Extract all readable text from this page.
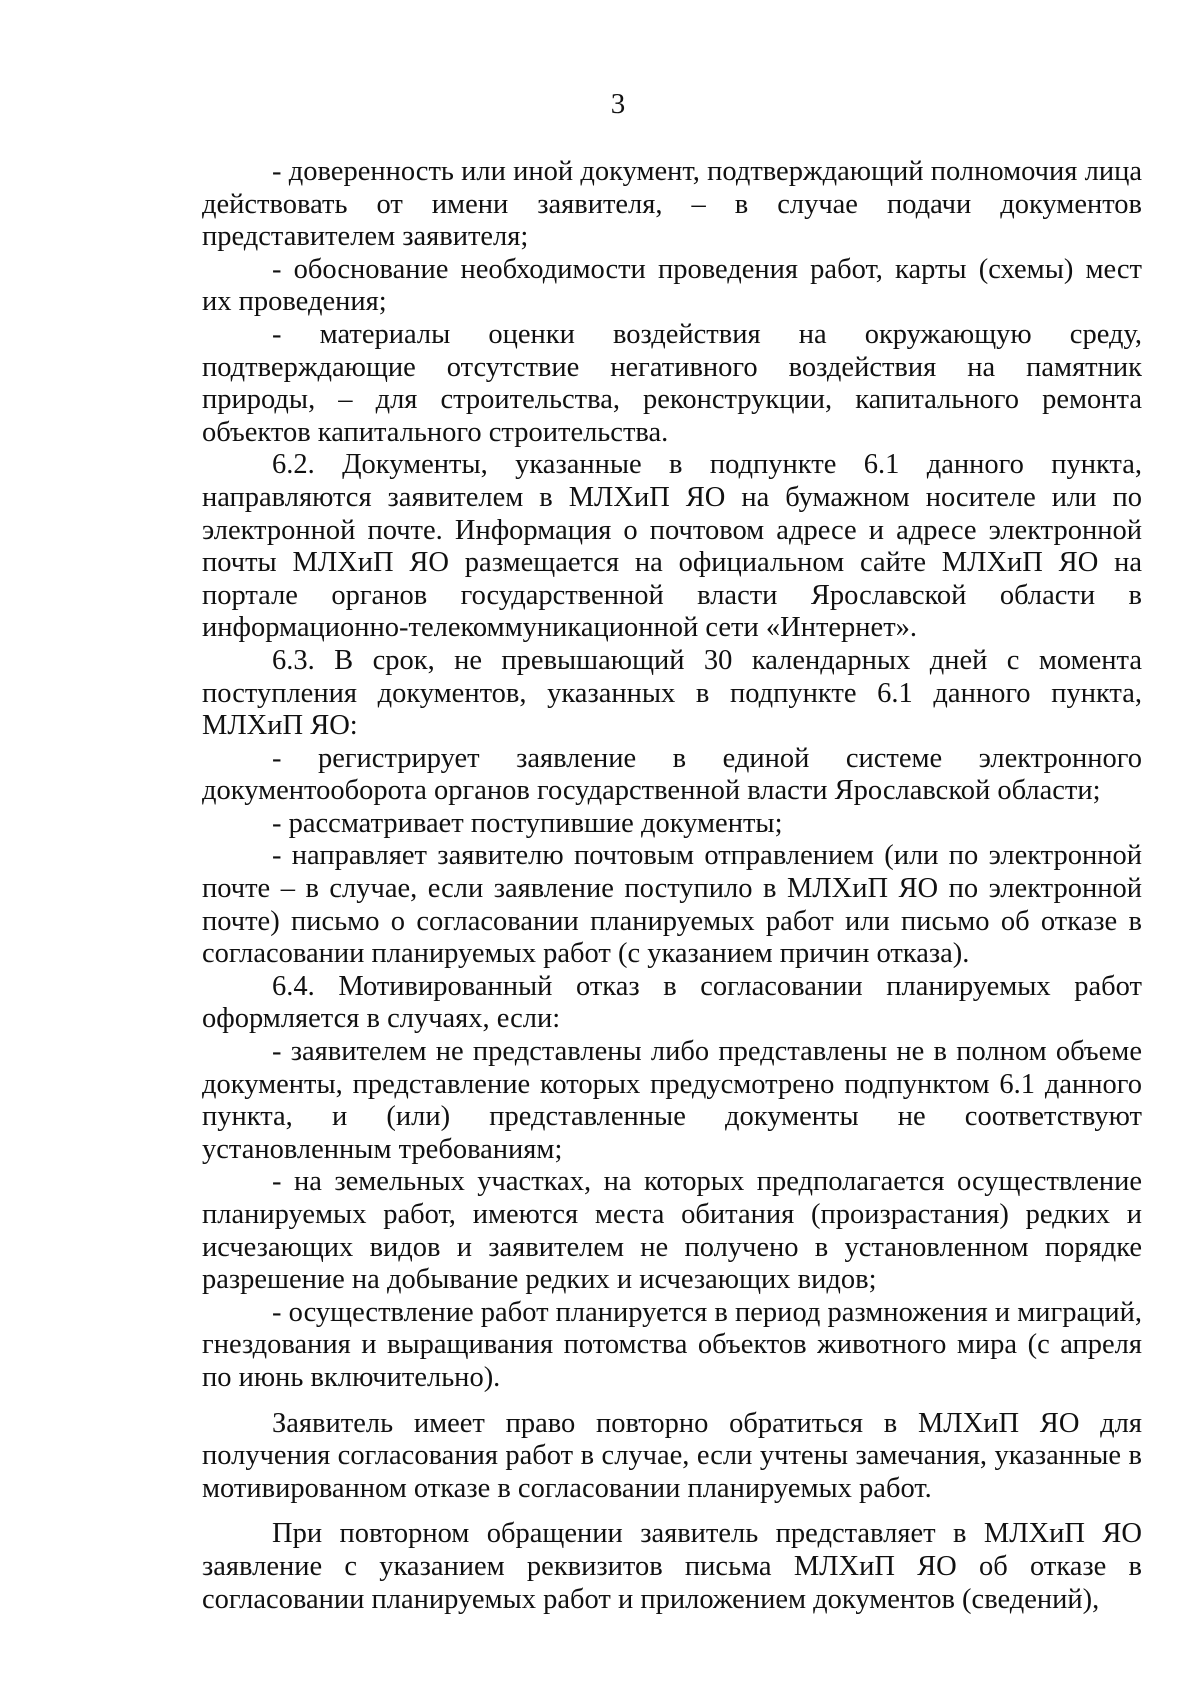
3

- доверенность или иной документ, подтверждающий полномочия лица действовать от имени заявителя, – в случае подачи документов представителем заявителя;

- обоснование необходимости проведения работ, карты (схемы) мест их проведения;

- материалы оценки воздействия на окружающую среду, подтверждающие отсутствие негативного воздействия на памятник природы, – для строительства, реконструкции, капитального ремонта объектов капитального строительства.

6.2. Документы, указанные в подпункте 6.1 данного пункта, направляются заявителем в МЛХиП ЯО на бумажном носителе или по электронной почте. Информация о почтовом адресе и адресе электронной почты МЛХиП ЯО размещается на официальном сайте МЛХиП ЯО на портале органов государственной власти Ярославской области в информационно-телекоммуникационной сети «Интернет».

6.3. В срок, не превышающий 30 календарных дней с момента поступления документов, указанных в подпункте 6.1 данного пункта, МЛХиП ЯО:

- регистрирует заявление в единой системе электронного документооборота органов государственной власти Ярославской области;

- рассматривает поступившие документы;

- направляет заявителю почтовым отправлением (или по электронной почте – в случае, если заявление поступило в МЛХиП ЯО по электронной почте) письмо о согласовании планируемых работ или письмо об отказе в согласовании планируемых работ (с указанием причин отказа).

6.4. Мотивированный отказ в согласовании планируемых работ оформляется в случаях, если:

- заявителем не представлены либо представлены не в полном объеме документы, представление которых предусмотрено подпунктом 6.1 данного пункта, и (или) представленные документы не соответствуют установленным требованиям;

- на земельных участках, на которых предполагается осуществление планируемых работ, имеются места обитания (произрастания) редких и исчезающих видов и заявителем не получено в установленном порядке разрешение на добывание редких и исчезающих видов;

- осуществление работ планируется в период размножения и миграций, гнездования и выращивания потомства объектов животного мира (с апреля по июнь включительно).

Заявитель имеет право повторно обратиться в МЛХиП ЯО для получения согласования работ в случае, если учтены замечания, указанные в мотивированном отказе в согласовании планируемых работ.

При повторном обращении заявитель представляет в МЛХиП ЯО заявление с указанием реквизитов письма МЛХиП ЯО об отказе в согласовании планируемых работ и приложением документов (сведений),
